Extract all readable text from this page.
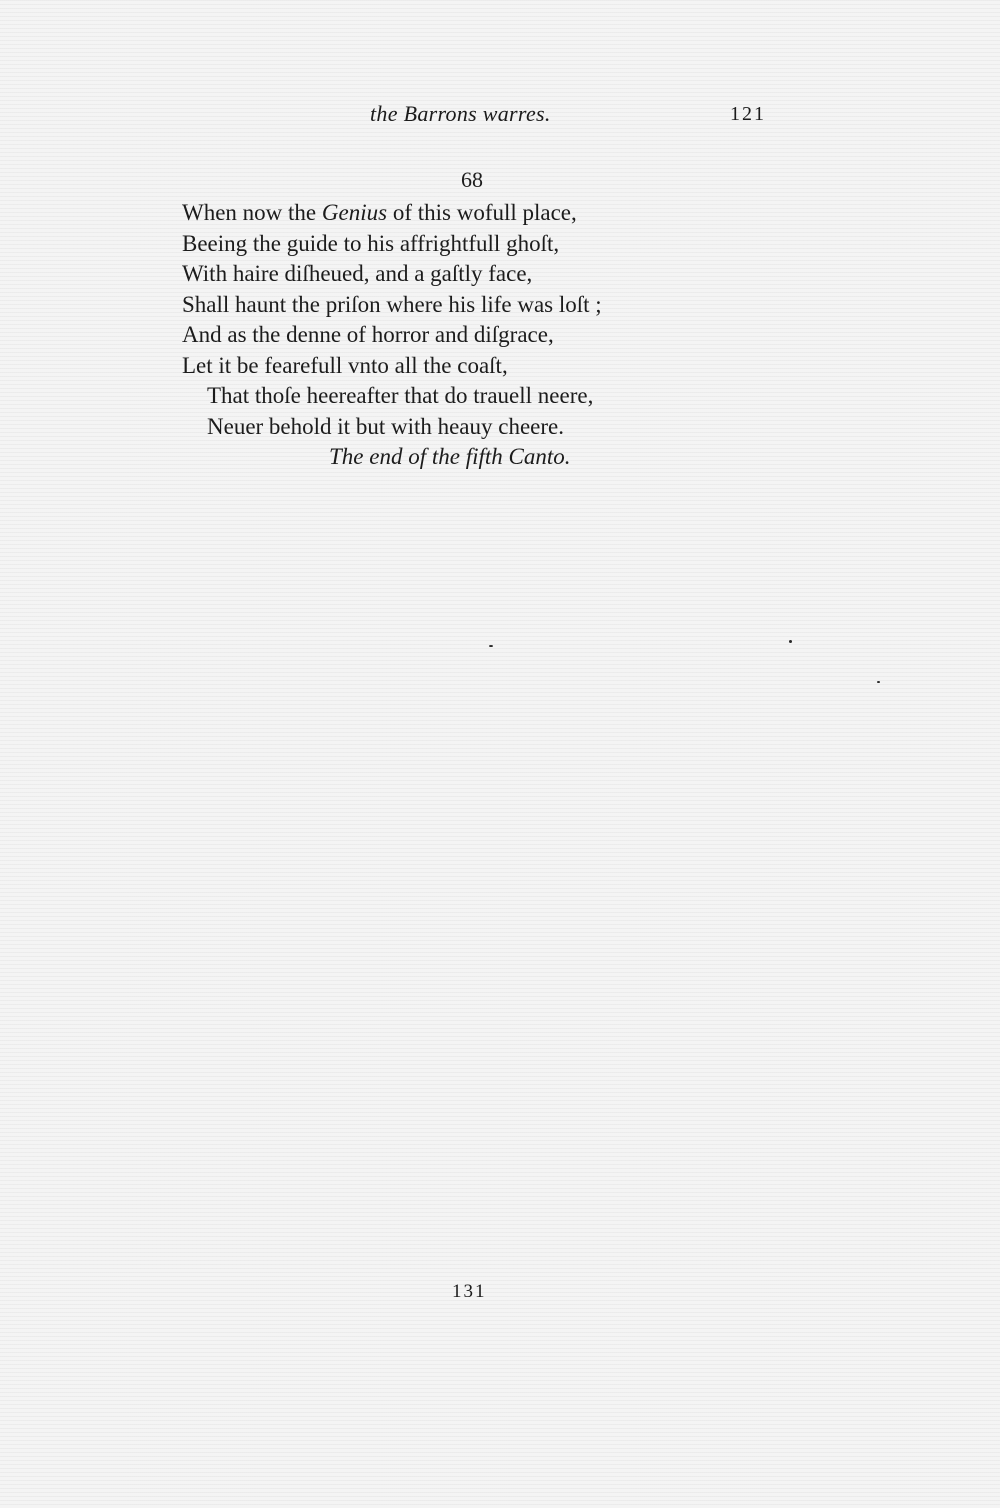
the Barrons warres.	121
68
When now the Genius of this wofull place,
Beeing the guide to his affrightfull ghoſt,
With haire diſheued, and a gaſtly face,
Shall haunt the priſon where his life was loſt ;
And as the denne of horror and diſgrace,
Let it be fearefull vnto all the coaſt,
That thoſe heereafter that do trauell neere,
Neuer behold it but with heauy cheere.
The end of the fifth Canto.
131
